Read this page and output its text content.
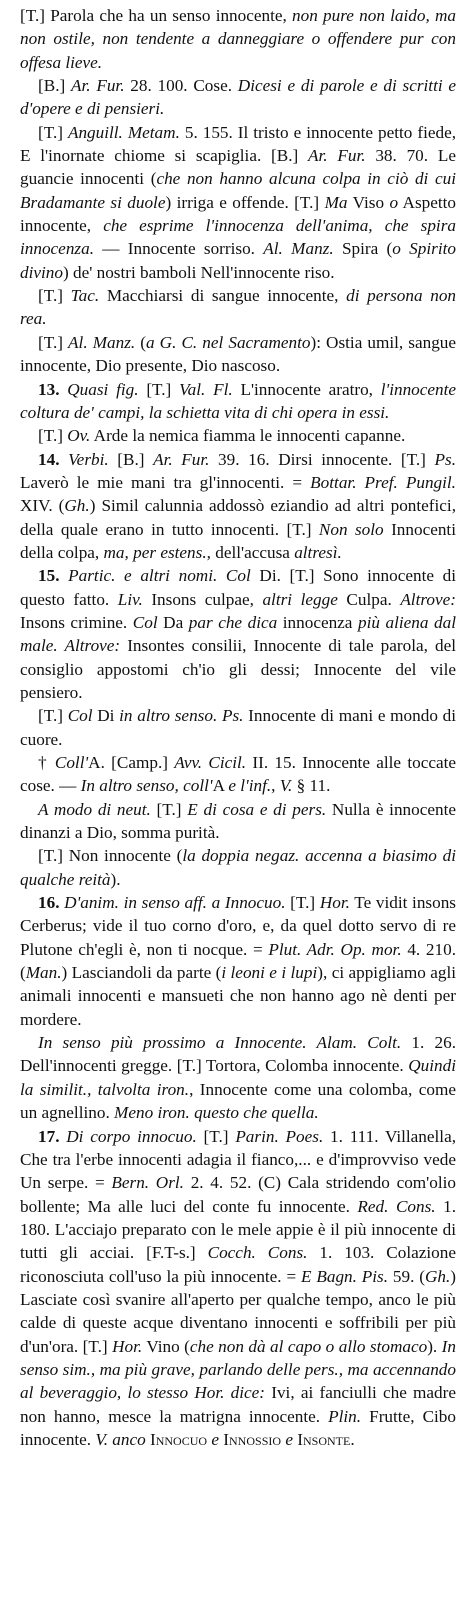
[T.] Parola che ha un senso innocente, non pure non laido, ma non ostile, non tendente a danneggiare o offendere pur con offesa lieve.

[B.] Ar. Fur. 28. 100. Cose. Dicesi e di parole e di scritti e d'opere e di pensieri.

[T.] Anguill. Metam. 5. 155. Il tristo e innocente petto fiede, E l'inornate chiome si scapiglia. [B.] Ar. Fur. 38. 70. Le guancie innocenti (che non hanno alcuna colpa in ciò di cui Bradamante si duole) irriga e offende. [T.] Ma Viso o Aspetto innocente, che esprime l'innocenza dell'anima, che spira innocenza. — Innocente sorriso. Al. Manz. Spira (o Spirito divino) de' nostri bamboli Nell'innocente riso.

[T.] Tac. Macchiarsi di sangue innocente, di persona non rea.

[T.] Al. Manz. (a G. C. nel Sacramento): Ostia umil, sangue innocente, Dio presente, Dio nascoso.

13. Quasi fig. [T.] Val. Fl. L'innocente aratro, l'innocente coltura de' campi, la schietta vita di chi opera in essi.

[T.] Ov. Arde la nemica fiamma le innocenti capanne.

14. Verbi. [B.] Ar. Fur. 39. 16. Dirsi innocente. [T.] Ps. Laverò le mie mani tra gl'innocenti. = Bottar. Pref. Pungil. XIV. (Gh.) Simil calunnia addossò eziandio ad altri pontefici, della quale erano in tutto innocenti. [T.] Non solo Innocenti della colpa, ma, per estens., dell'accusa altresì.

15. Partic. e altri nomi. Col Di. [T.] Sono innocente di questo fatto. Liv. Insons culpae, altri legge Culpa. Altrove: Insons crimine. Col Da par che dica innocenza più aliena dal male. Altrove: Insontes consilii, Innocente di tale parola, del consiglio appostomi ch'io gli dessi; Innocente del vile pensiero.

[T.] Col Di in altro senso. Ps. Innocente di mani e mondo di cuore.

† Coll'A. [Camp.] Avv. Cicil. II. 15. Innocente alle toccate cose. — In altro senso, coll'A e l'inf., V. § 11.

A modo di neut. [T.] E di cosa e di pers. Nulla è innocente dinanzi a Dio, somma purità.

[T.] Non innocente (la doppia negaz. accenna a biasimo di qualche reità).

16. D'anim. in senso aff. a Innocuo. [T.] Hor. Te vidit insons Cerberus; vide il tuo corno d'oro, e, da quel dotto servo di re Plutone ch'egli è, non ti nocque. = Plut. Adr. Op. mor. 4. 210. (Man.) Lasciandoli da parte (i leoni e i lupi), ci appigliamo agli animali innocenti e mansueti che non hanno ago nè denti per mordere.

In senso più prossimo a Innocente. Alam. Colt. 1. 26. Dell'innocenti gregge. [T.] Tortora, Colomba innocente. Quindi la similit., talvolta iron., Innocente come una colomba, come un agnellino. Meno iron. questo che quella.

17. Di corpo innocuo. [T.] Parin. Poes. 1. 111. Villanella, Che tra l'erbe innocenti adagia il fianco,... e d'improvviso vede Un serpe. = Bern. Orl. 2. 4. 52. (C) Cala stridendo com'olio bollente; Ma alle luci del conte fu innocente. Red. Cons. 1. 180. L'acciajo preparato con le mele appie è il più innocente di tutti gli acciai. [F.T-s.] Cocch. Cons. 1. 103. Colazione riconosciuta coll'uso la più innocente. = E Bagn. Pis. 59. (Gh.) Lasciate così svanire all'aperto per qualche tempo, anco le più calde di queste acque diventano innocenti e soffribili per più d'un'ora. [T.] Hor. Vino (che non dà al capo o allo stomaco). In senso sim., ma più grave, parlando delle pers., ma accennando al beveraggio, lo stesso Hor. dice: Ivi, ai fanciulli che madre non hanno, mesce la matrigna innocente. Plin. Frutte, Cibo innocente. V. anco Innocuo e Innossio e Insonte.
